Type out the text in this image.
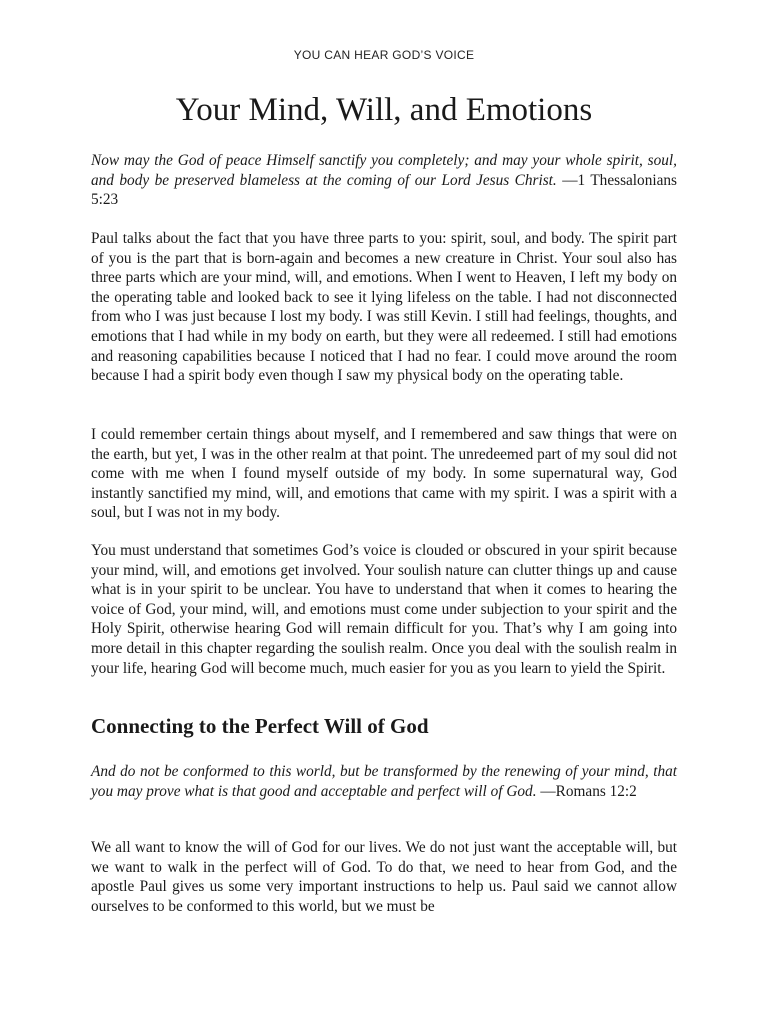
YOU CAN HEAR GOD’S VOICE
Your Mind, Will, and Emotions

Now may the God of peace Himself sanctify you completely; and may your whole spirit, soul, and body be preserved blameless at the coming of our Lord Jesus Christ. —1 Thessalonians 5:23

Paul talks about the fact that you have three parts to you: spirit, soul, and body. The spirit part of you is the part that is born-again and becomes a new creature in Christ. Your soul also has three parts which are your mind, will, and emotions. When I went to Heaven, I left my body on the operating table and looked back to see it lying lifeless on the table. I had not disconnected from who I was just because I lost my body. I was still Kevin. I still had feelings, thoughts, and emotions that I had while in my body on earth, but they were all redeemed. I still had emotions and reasoning capabilities because I noticed that I had no fear. I could move around the room because I had a spirit body even though I saw my physical body on the operating table.

I could remember certain things about myself, and I remembered and saw things that were on the earth, but yet, I was in the other realm at that point. The unredeemed part of my soul did not come with me when I found myself outside of my body. In some supernatural way, God instantly sanctified my mind, will, and emotions that came with my spirit. I was a spirit with a soul, but I was not in my body.

You must understand that sometimes God’s voice is clouded or obscured in your spirit because your mind, will, and emotions get involved. Your soulish nature can clutter things up and cause what is in your spirit to be unclear. You have to understand that when it comes to hearing the voice of God, your mind, will, and emotions must come under subjection to your spirit and the Holy Spirit, otherwise hearing God will remain difficult for you. That’s why I am going into more detail in this chapter regarding the soulish realm. Once you deal with the soulish realm in your life, hearing God will become much, much easier for you as you learn to yield the Spirit.

Connecting to the Perfect Will of God

And do not be conformed to this world, but be transformed by the renewing of your mind, that you may prove what is that good and acceptable and perfect will of God. —Romans 12:2

We all want to know the will of God for our lives. We do not just want the acceptable will, but we want to walk in the perfect will of God. To do that, we need to hear from God, and the apostle Paul gives us some very important instructions to help us. Paul said we cannot allow ourselves to be conformed to this world, but we must be
